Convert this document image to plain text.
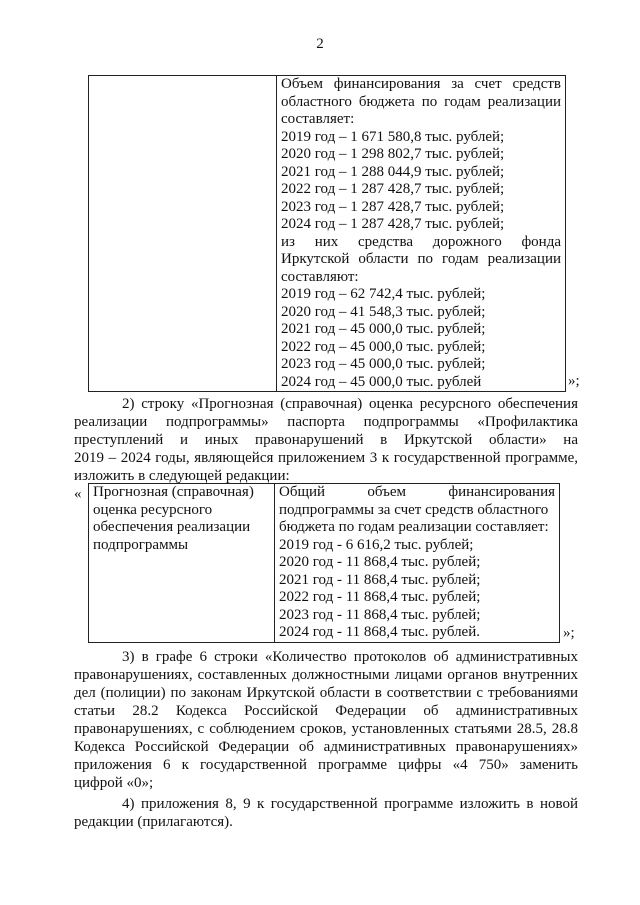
2

Объем финансирования за счет средств
областного бюджета по годам реализации
составляет:
2019 год – 1 671 580,8 тыс. рублей;
2020 год – 1 298 802,7 тыс. рублей;
2021 год – 1 288 044,9 тыс. рублей;
2022 год – 1 287 428,7 тыс. рублей;
2023 год – 1 287 428,7 тыс. рублей;
2024 год – 1 287 428,7 тыс. рублей;
из них средства дорожного фонда
Иркутской области по годам реализации
составляют:
2019 год – 62 742,4 тыс. рублей;
2020 год – 41 548,3 тыс. рублей;
2021 год – 45 000,0 тыс. рублей;
2022 год – 45 000,0 тыс. рублей;
2023 год – 45 000,0 тыс. рублей;
2024 год – 45 000,0 тыс. рублей	»;
2) строку «Прогнозная (справочная) оценка ресурсного обеспечения
реализации подпрограммы» паспорта подпрограммы «Профилактика
преступлений и иных правонарушений в Иркутской области» на
2019 – 2024 годы, являющейся приложением 3 к государственной программе,
изложить в следующей редакции:
« Прогнозная (справочная)
оценка ресурсного
обеспечения реализации
подпрограммы

Общий объем финансирования
подпрограммы за счет средств областного
бюджета по годам реализации составляет:
2019 год - 6 616,2 тыс. рублей;
2020 год - 11 868,4 тыс. рублей;
2021 год - 11 868,4 тыс. рублей;
2022 год - 11 868,4 тыс. рублей;
2023 год - 11 868,4 тыс. рублей;
2024 год - 11 868,4 тыс. рублей.	»;
3) в графе 6 строки «Количество протоколов об административных
правонарушениях, составленных должностными лицами органов внутренних
дел (полиции) по законам Иркутской области в соответствии с требованиями
статьи 28.2 Кодекса Российской Федерации об административных
правонарушениях, с соблюдением сроков, установленных статьями 28.5, 28.8
Кодекса Российской Федерации об административных правонарушениях»
приложения 6 к государственной программе цифры «4 750» заменить
цифрой «0»;
4) приложения 8, 9 к государственной программе изложить в новой
редакции (прилагаются).
